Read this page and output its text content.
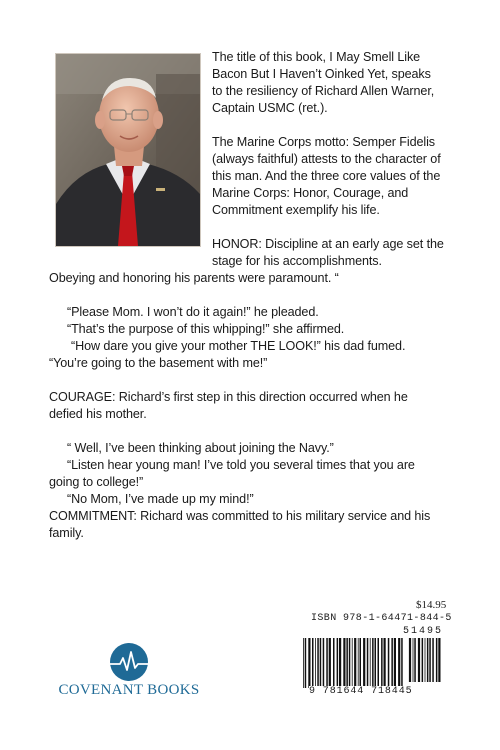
The title of this book, I May Smell Like Bacon But I Haven’t Oinked Yet, speaks to the resiliency of Richard Allen Warner, Captain USMC (ret.).

The Marine Corps motto: Semper Fidelis (always faithful) attests to the character of this man. And the three core values of the Marine Corps: Honor, Courage, and Commitment exemplify his life.

HONOR: Discipline at an early age set the stage for his accomplishments.

Obeying and honoring his parents were paramount. “

“Please Mom. I won’t do it again!” he pleaded.
“That’s the purpose of this whipping!” she affirmed.
“How dare you give your mother THE LOOK!” his dad fumed.
“You’re going to the basement with me!”

COURAGE: Richard’s first step in this direction occurred when he defied his mother.

“ Well, I’ve been thinking about joining the Navy.”
“Listen hear young man! I’ve told you several times that you are
going to college!”
“No Mom, I’ve made up my mind!”

COMMITMENT: Richard was committed to his military service and his family.

COVENANT BOOKS
$14.95
ISBN 978-1-64471-844-5
51495
9 781644 718445
